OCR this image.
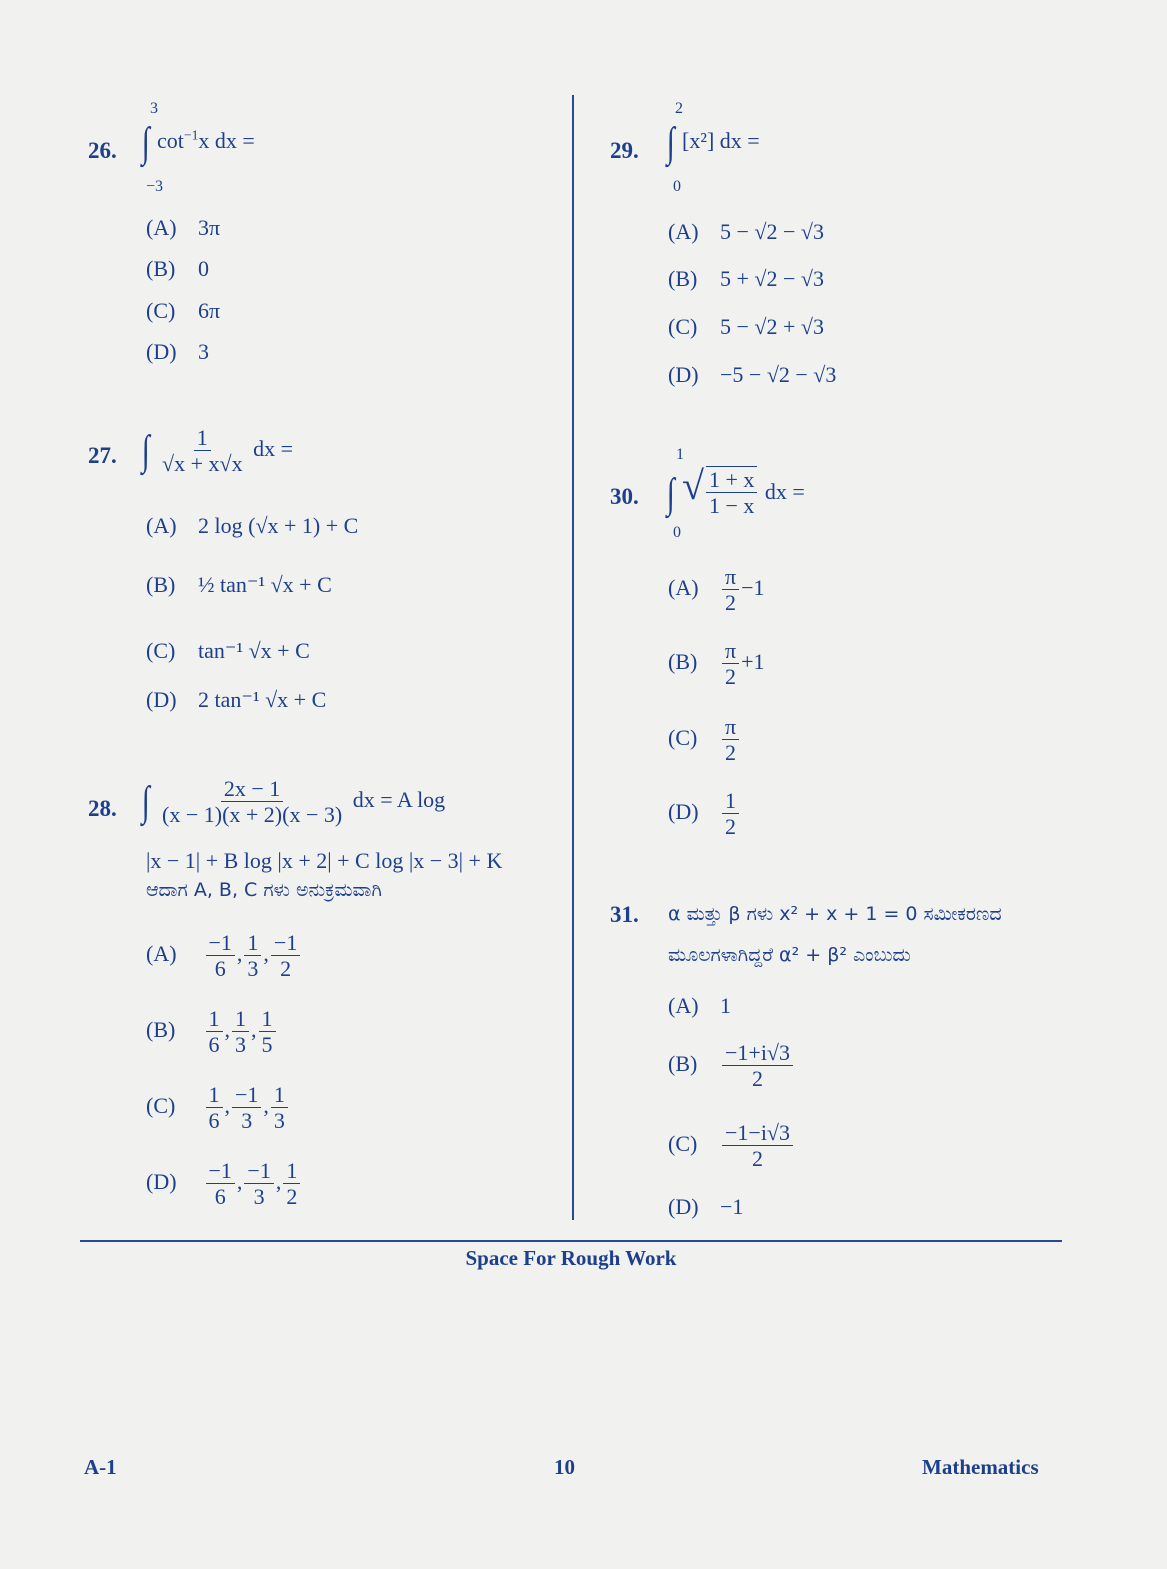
26.
3
−3
∫ $\cot^{-1}x$ dx =
(A) 3π
(B) 0
(C) 6π
(D) 3
27. ∫ $\frac{1}{√x + x√x}$ dx =
(A) 2 log (√x + 1) + C
(B) ½ tan⁻¹ √x + C
(C) tan⁻¹ √x + C
(D) 2 tan⁻¹ √x + C
28. ∫ $\frac{2x - 1}{(x - 1)(x + 2)(x - 3)}$ dx = A log
|x − 1| + B log |x + 2| + C log |x − 3| + K
ಆದಾಗ A, B, C ಗಳು ಅನುಕ್ರಮವಾಗಿ
$(A) \frac{-1}{6}$ , $\frac{1}{3}$ , $\frac{-1}{2}$
$(B) \frac{1}{6}$ , $\frac{1}{3}$ , $\frac{1}{5}$
$(C) \frac{1}{6}$ , $\frac{-1}{3}$ , $\frac{1}{3}$
$(D) \frac{-1}{6}$ , $\frac{-1}{3}$ , $\frac{1}{2}$
29.
2
0
∫ [x²] dx =
(A) 5 − √2 − √3
(B) 5 + √2 − √3
(C) 5 − √2 + √3
(D) −5 − √2 − √3
30.
1
0
∫ √ $\frac{1 + x}{1 - x}$ dx =
$(A) \frac{\pi}{2} -1$
$(B) \frac{\pi}{2} +1$
$(C) \frac{\pi}{2}$
$(D) \frac{1}{2}$
31. α ಮತ್ತು β ಗಳು x² + x + 1 = 0 ಸಮೀಕರಣದ
ಮೂಲಗಳಾಗಿದ್ದರೆ α² + β² ಎಂಬುದು
(A) 1
$(B) \frac{-1+i√3}{2}$
$(C) \frac{-1-i√3}{2}$
(D) −1
Space For Rough Work
A-1	10	Mathematics
